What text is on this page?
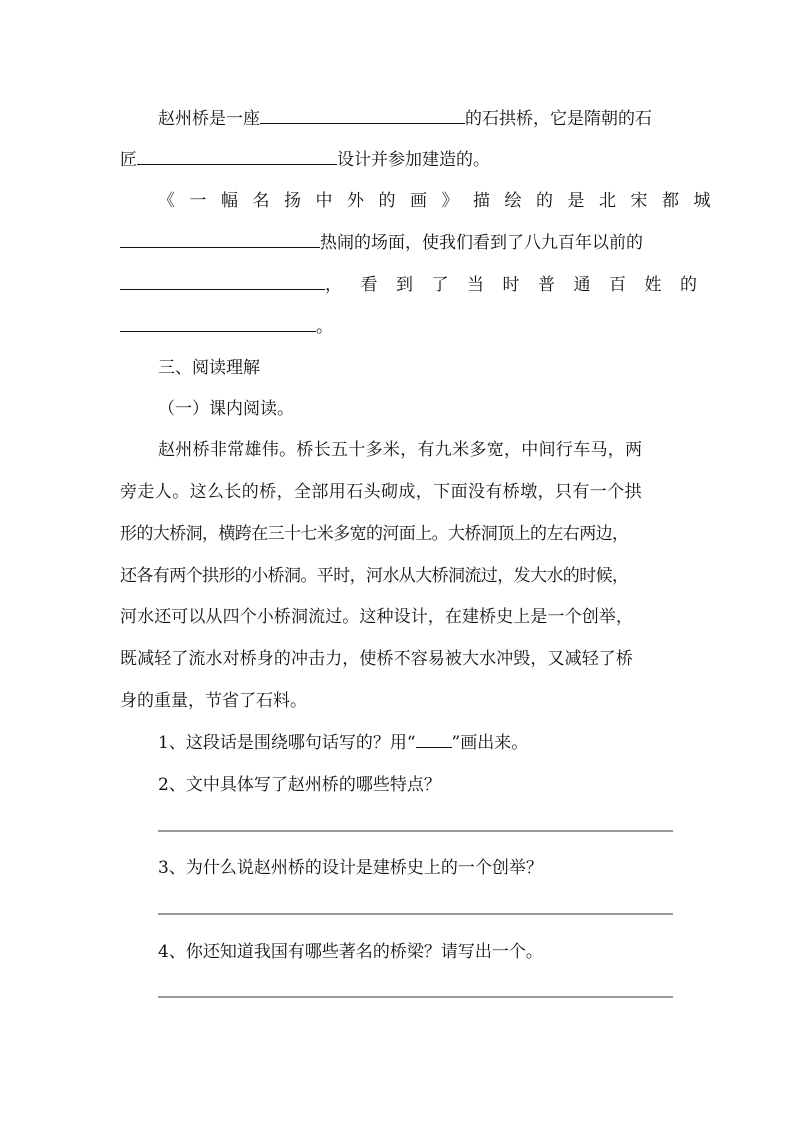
赵州桥是一座	的石拱桥，它是隋朝的石
匠	设计并参加建造的。
《一幅名扬中外的画》描绘的是北宋都城
热闹的场面，使我们看到了八九百年以前的
，看到了当时普通百姓的
。
三、阅读理解
（一）课内阅读。
赵州桥非常雄伟。桥长五十多米，有九米多宽，中间行车马，两
旁走人。这么长的桥，全部用石头砌成，下面没有桥墩，只有一个拱
形的大桥洞，横跨在三十七米多宽的河面上。大桥洞顶上的左右两边，
还各有两个拱形的小桥洞。平时，河水从大桥洞流过，发大水的时候，
河水还可以从四个小桥洞流过。这种设计，在建桥史上是一个创举，
既减轻了流水对桥身的冲击力，使桥不容易被大水冲毁，又减轻了桥
身的重量，节省了石料。
1、这段话是围绕哪句话写的？用“ ”画出来。
2、文中具体写了赵州桥的哪些特点？
3、为什么说赵州桥的设计是建桥史上的一个创举？
4、你还知道我国有哪些著名的桥梁？请写出一个。
